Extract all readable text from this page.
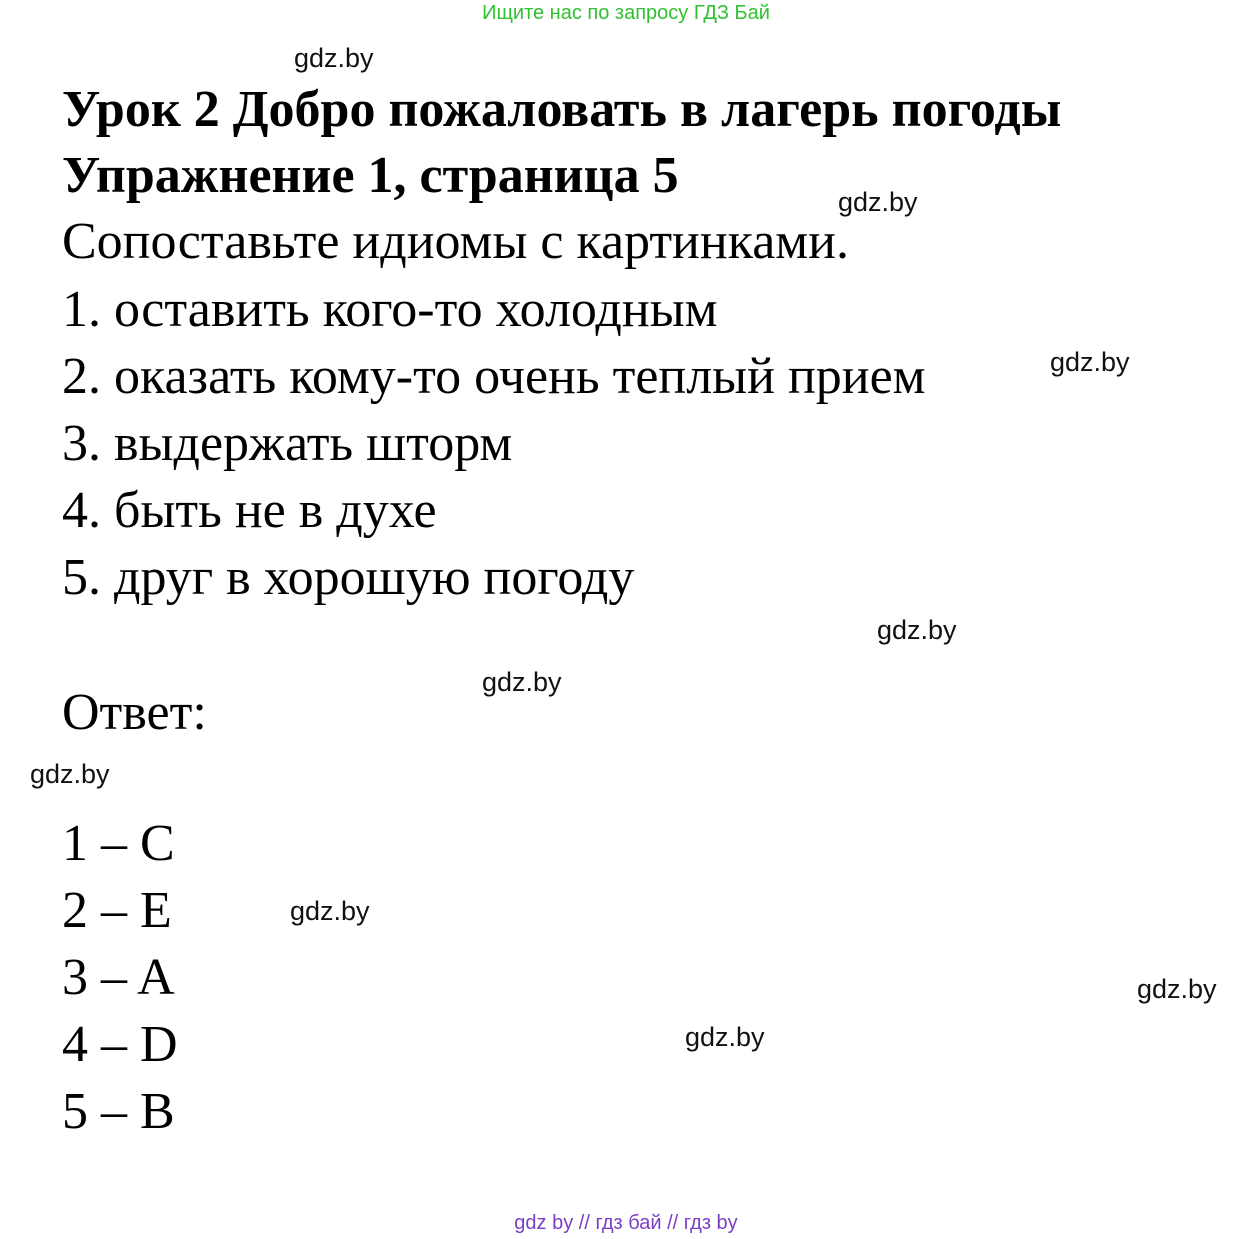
Ищите нас по запросу ГДЗ Бай
gdz.by
Урок 2 Добро пожаловать в лагерь погоды
Упражнение 1, страница 5	gdz.by
Сопоставьте идиомы с картинками.
1. оставить кого-то холодным
2. оказать кому-то очень теплый прием	gdz.by
3. выдержать шторм
4. быть не в духе
5. друг в хорошую погоду
gdz.by
gdz.by
Ответ:
gdz.by
1 – C
2 – E	gdz.by
3 – A	gdz.by
4 – D	gdz.by
5 – B
gdz by // гдз бай // гдз by
